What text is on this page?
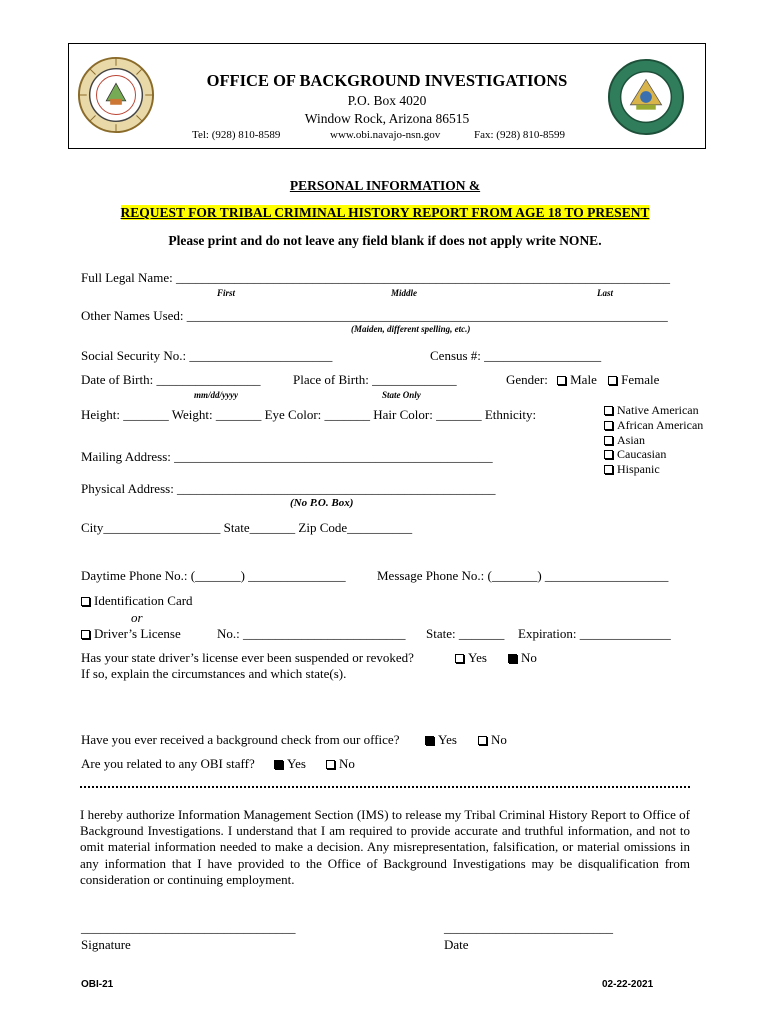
OFFICE OF BACKGROUND INVESTIGATIONS
P.O. Box 4020
Window Rock, Arizona 86515
Tel: (928) 810-8589	www.obi.navajo-nsn.gov	Fax: (928) 810-8599
PERSONAL INFORMATION &
REQUEST FOR TRIBAL CRIMINAL HISTORY REPORT FROM AGE 18 TO PRESENT
Please print and do not leave any field blank if does not apply write NONE.
Full Legal Name: ____________________________________________________________________________
First	Middle	Last
Other Names Used: __________________________________________________________________________
(Maiden, different spelling, etc.)
Social Security No.: ______________________	Census #: __________________
Date of Birth: ________________
mm/dd/yyyy
Place of Birth: _____________
State Only
Gender: Male Female
Height: _______ Weight: _______ Eye Color: _______ Hair Color: _______ Ethnicity:	Native American
African American
Asian
Caucasian
Hispanic
Mailing Address: _________________________________________________
Physical Address: _________________________________________________
(No P.O. Box)
City__________________ State_______ Zip Code__________
Daytime Phone No.: (_______) _______________ Message Phone No.: (_______) ___________________
Identification Card
or
Driver’s License	No.: _________________________ State: _______ Expiration: ______________
Has your state driver’s license ever been suspended or revoked?	Yes	No
If so, explain the circumstances and which state(s).
Have you ever received a background check from our office?	Yes	No
Are you related to any OBI staff?	Yes	No
I hereby authorize Information Management Section (IMS) to release my Tribal Criminal History Report to Office of Background Investigations. I understand that I am required to provide accurate and truthful information, and not to omit material information needed to make a decision. Any misrepresentation, falsification, or material omissions in any information that I have provided to the Office of Background Investigations may be disqualification from consideration or continuing employment.
_________________________________
Signature
__________________________
Date
OBI-21	02-22-2021
